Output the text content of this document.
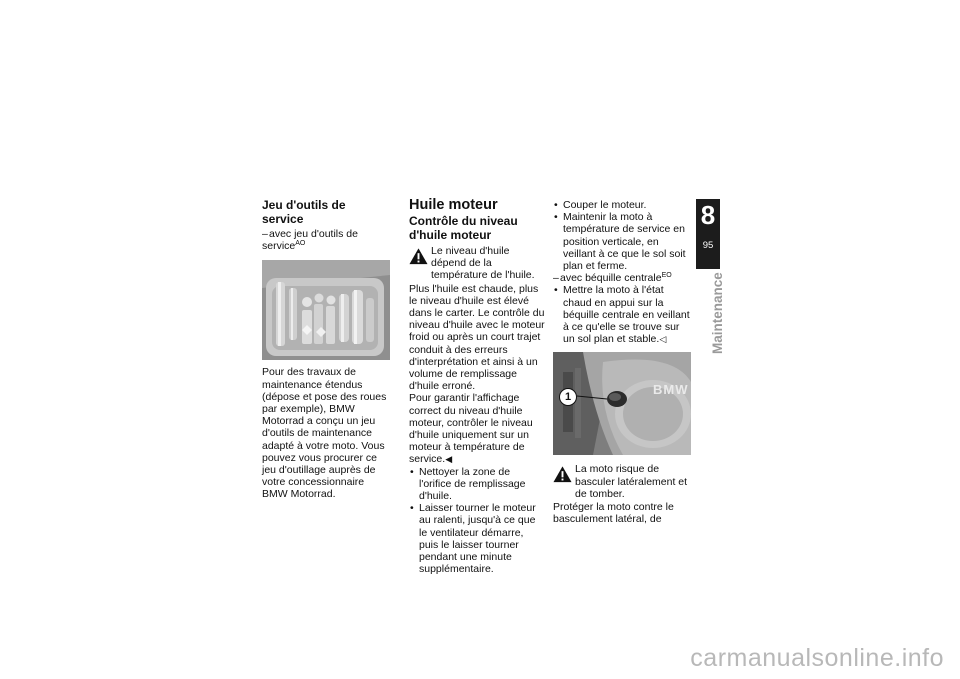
Jeu d'outils de service

–avec jeu d'outils de service$^{AO}$

Pour des travaux de maintenance étendus (dépose et pose des roues par exemple), BMW Motorrad a conçu un jeu d'outils de maintenance adapté à votre moto. Vous pouvez vous procurer ce jeu d'outillage auprès de votre concessionnaire BMW Motorrad.

Huile moteur
Contrôle du niveau d'huile moteur
Le niveau d'huile dépend de la température de l'huile.

Plus l'huile est chaude, plus le niveau d'huile est élevé dans le carter. Le contrôle du niveau d'huile avec le moteur froid ou après un court trajet conduit à des erreurs d'interprétation et ainsi à un volume de remplissage d'huile erroné.

Pour garantir l'affichage correct du niveau d'huile moteur, contrôler le niveau d'huile uniquement sur un moteur à température de service.◀

• Nettoyer la zone de l'orifice de remplissage d'huile.
• Laisser tourner le moteur au ralenti, jusqu'à ce que le ventilateur démarre, puis le laisser tourner pendant une minute supplémentaire.
• Couper le moteur.
• Maintenir la moto à température de service en position verticale, en veillant à ce que le sol soit plan et ferme.

–avec béquille centrale$^{EO}$

• Mettre la moto à l'état chaud en appui sur la béquille centrale en veillant à ce qu'elle se trouve sur un sol plan et stable.◁
1	BMW
La moto risque de basculer latéralement et de tomber.

Protéger la moto contre le basculement latéral, de

8
95
Maintenance
carmanualsonline.info
